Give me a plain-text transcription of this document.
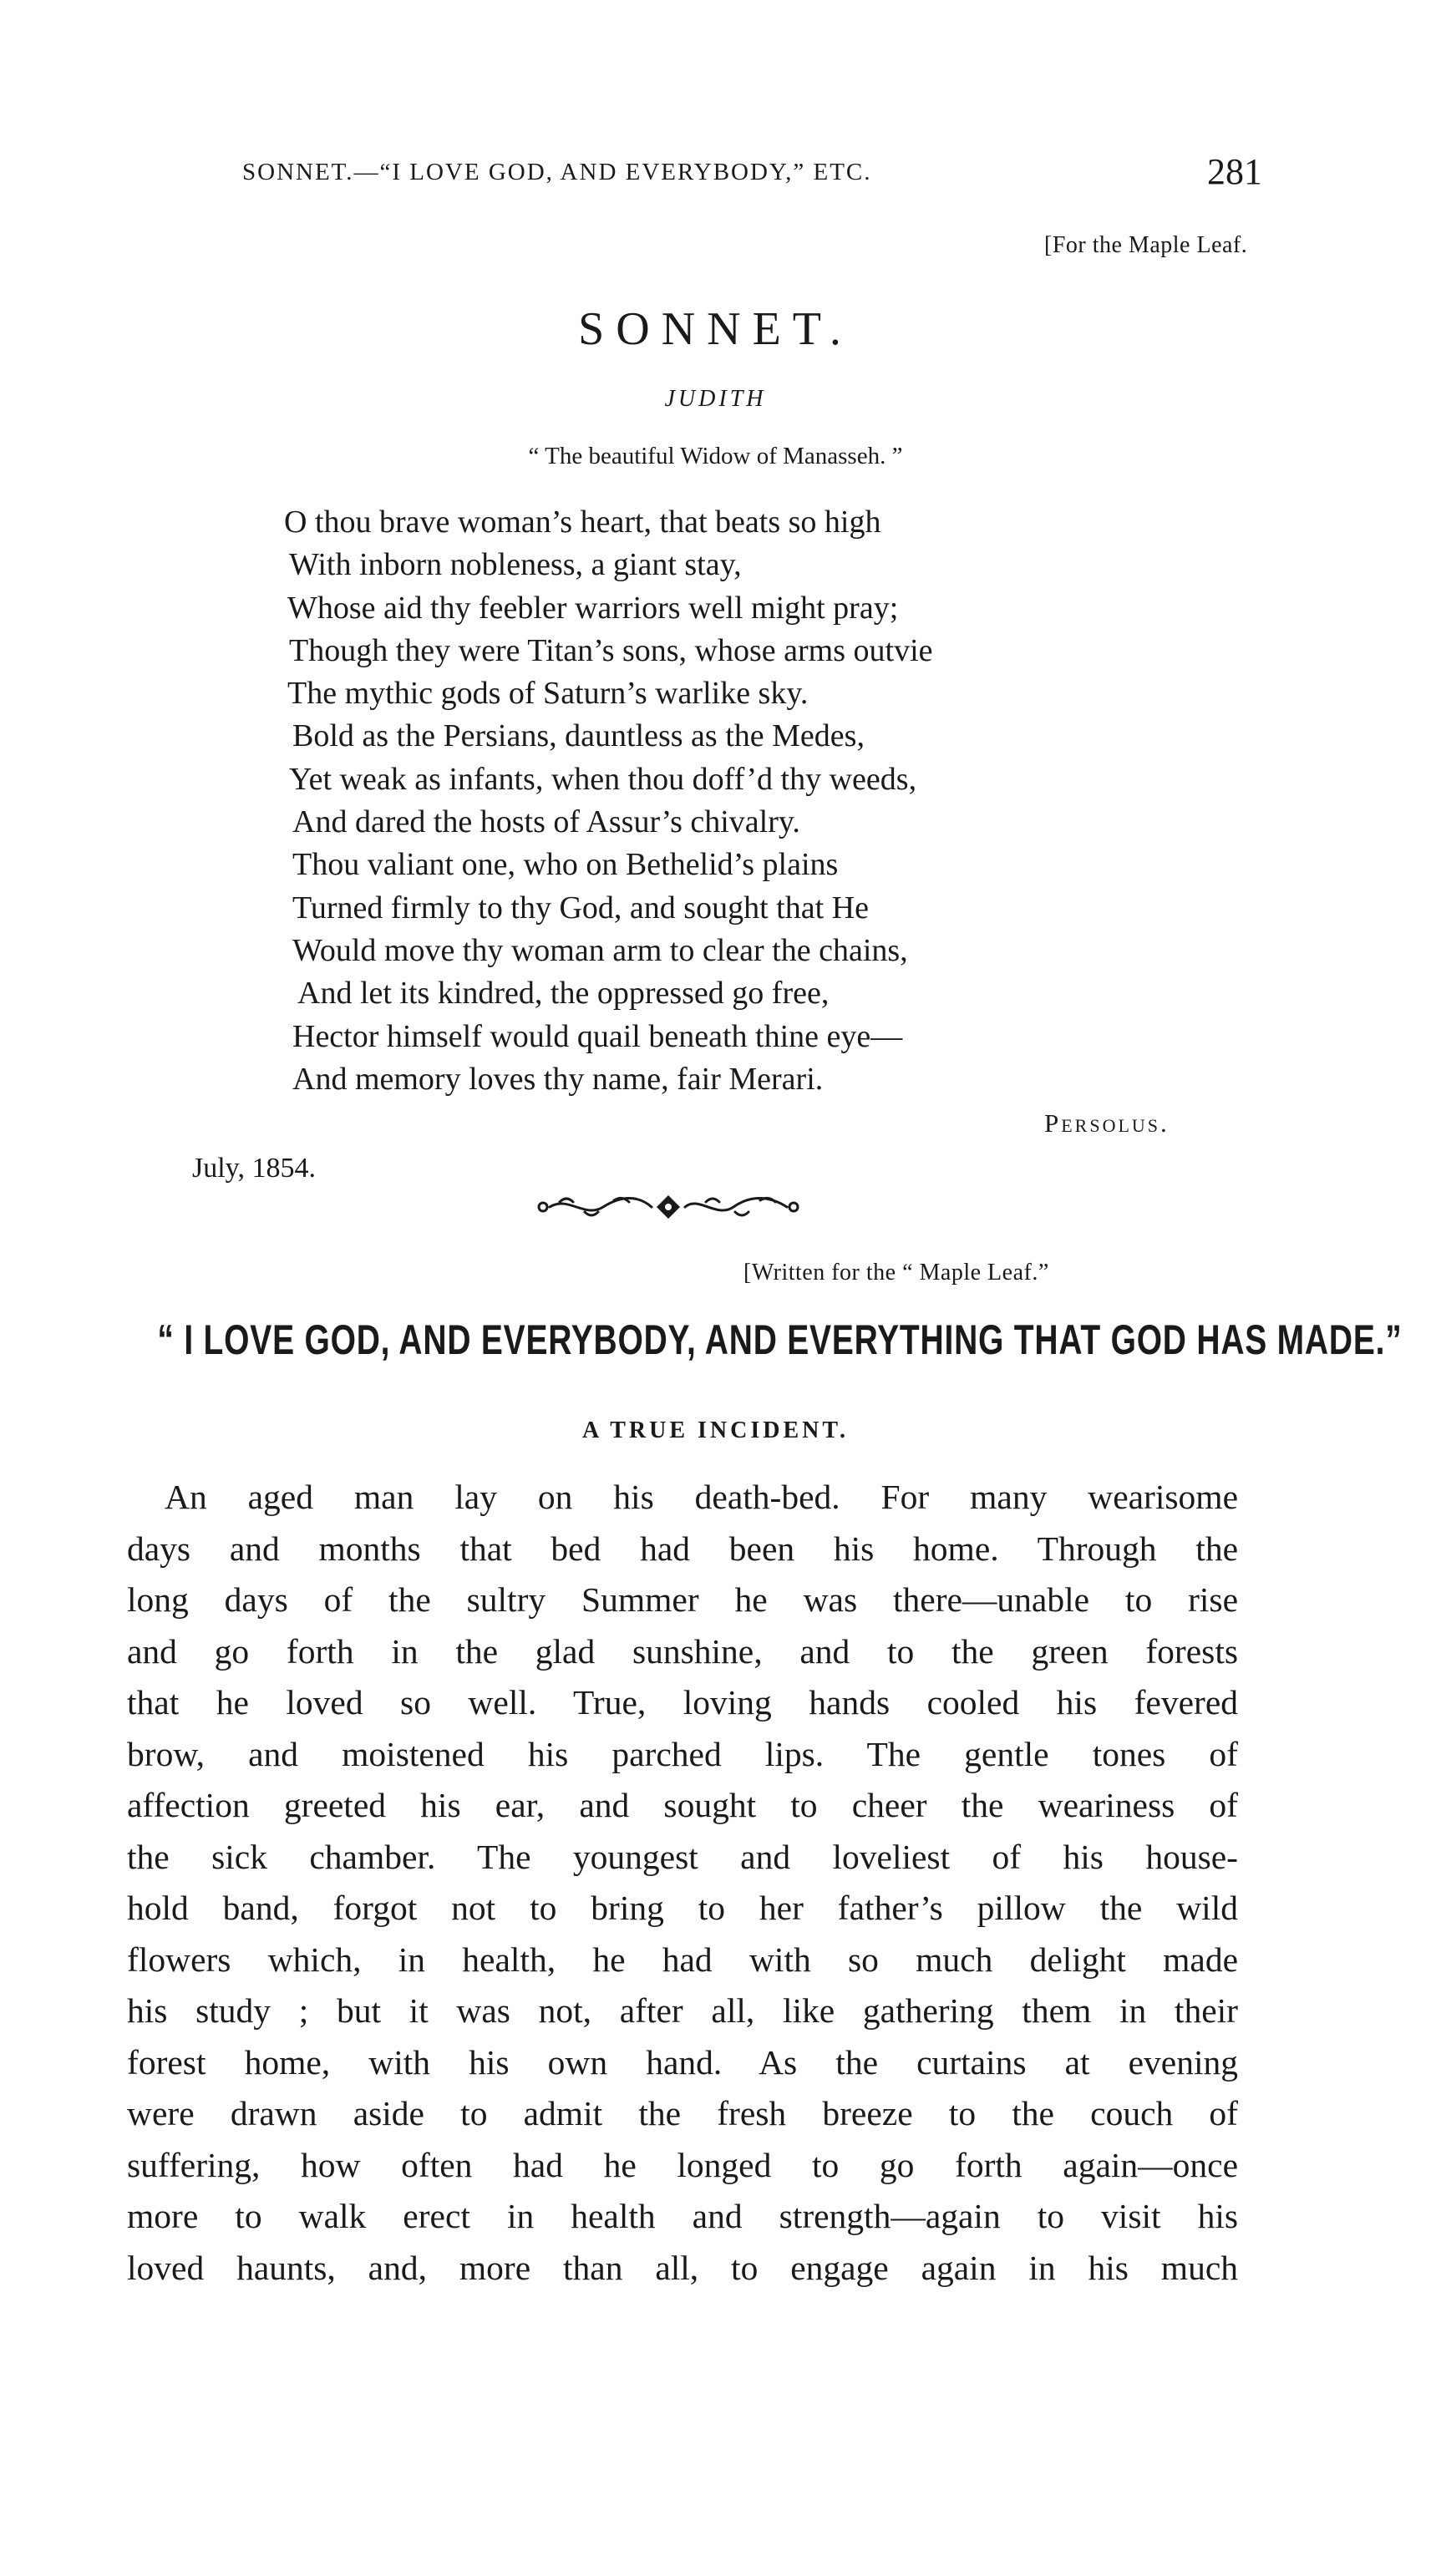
SONNET.—“I LOVE GOD, AND EVERYBODY,” ETC.	281
[For the Maple Leaf.
SONNET.
JUDITH
“ The beautiful Widow of Manasseh. ”
O thou brave woman’s heart, that beats so high
With inborn nobleness, a giant stay,
Whose aid thy feebler warriors well might pray;
Though they were Titan’s sons, whose arms outvie
The mythic gods of Saturn’s warlike sky.
Bold as the Persians, dauntless as the Medes,
Yet weak as infants, when thou doff’d thy weeds,
And dared the hosts of Assur’s chivalry.
Thou valiant one, who on Bethelid’s plains
Turned firmly to thy God, and sought that He
Would move thy woman arm to clear the chains,
And let its kindred, the oppressed go free,
Hector himself would quail beneath thine eye—
And memory loves thy name, fair Merari.
Persolus.
July, 1854.
[Written for the “ Maple Leaf.”
“ I LOVE GOD, AND EVERYBODY, AND EVERYTHING THAT GOD HAS MADE.”
A TRUE INCIDENT.
An aged man lay on his death-bed. For many wearisome
days and months that bed had been his home. Through the
long days of the sultry Summer he was there—unable to rise
and go forth in the glad sunshine, and to the green forests
that he loved so well. True, loving hands cooled his fevered
brow, and moistened his parched lips. The gentle tones of
affection greeted his ear, and sought to cheer the weariness of
the sick chamber. The youngest and loveliest of his house-
hold band, forgot not to bring to her father’s pillow the wild
flowers which, in health, he had with so much delight made
his study ; but it was not, after all, like gathering them in their
forest home, with his own hand. As the curtains at evening
were drawn aside to admit the fresh breeze to the couch of
suffering, how often had he longed to go forth again—once
more to walk erect in health and strength—again to visit his
loved haunts, and, more than all, to engage again in his much
